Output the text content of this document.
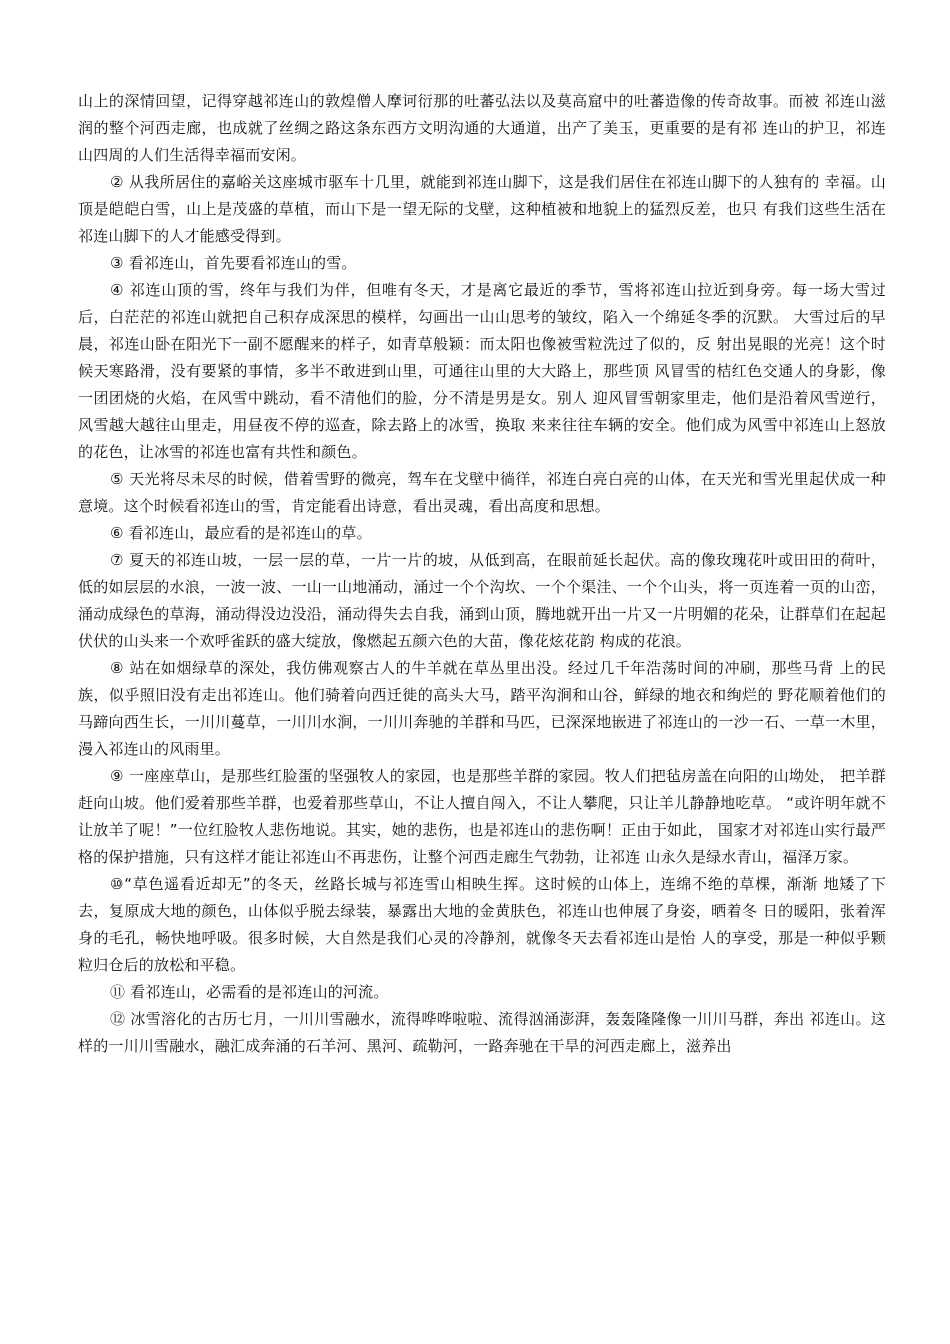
山上的深情回望，记得穿越祁连山的敦煌僧人摩诃衍那的吐蕃弘法以及莫高窟中的吐蕃造像的传奇故事。而被 祁连山滋润的整个河西走廊，也成就了丝绸之路这条东西方文明沟通的大通道，出产了美玉，更重要的是有祁 连山的护卫，祁连山四周的人们生活得幸福而安闲。

② 从我所居住的嘉峪关这座城市驱车十几里，就能到祁连山脚下，这是我们居住在祁连山脚下的人独有的 幸福。山顶是皑皑白雪，山上是茂盛的草植，而山下是一望无际的戈壁，这种植被和地貌上的猛烈反差，也只 有我们这些生活在祁连山脚下的人才能感受得到。

③ 看祁连山，首先要看祁连山的雪。

④ 祁连山顶的雪，终年与我们为伴，但唯有冬天，才是离它最近的季节，雪将祁连山拉近到身旁。每一场大雪过后，白茫茫的祁连山就把自己积存成深思的模样，勾画出一山山思考的皱纹，陷入一个绵延冬季的沉默。 大雪过后的早晨，祁连山卧在阳光下一副不愿醒来的样子，如青草般颖：而太阳也像被雪粒洗过了似的，反 射出晃眼的光亮！这个时候天寒路滑，没有要紧的事情，多半不敢进到山里，可通往山里的大大路上，那些顶 风冒雪的桔红色交通人的身影，像一团团烧的火焰，在风雪中跳动，看不清他们的脸，分不清是男是女。别人 迎风冒雪朝家里走，他们是沿着风雪逆行，风雪越大越往山里走，用昼夜不停的巡查，除去路上的冰雪，换取 来来往往车辆的安全。他们成为风雪中祁连山上怒放的花色，让冰雪的祁连也富有共性和颜色。

⑤ 天光将尽未尽的时候，借着雪野的微亮，驾车在戈壁中徜徉，祁连白亮白亮的山体，在天光和雪光里起伏成一种意境。这个时候看祁连山的雪，肯定能看出诗意，看出灵魂，看出高度和思想。

⑥ 看祁连山，最应看的是祁连山的草。

⑦ 夏天的祁连山坡，一层一层的草，一片一片的坡，从低到高，在眼前延长起伏。高的像玫瑰花叶或田田的荷叶，低的如层层的水浪，一波一波、一山一山地涌动，涌过一个个沟坎、一个个渠洼、一个个山头，将一页连着一页的山峦，涌动成绿色的草海，涌动得没边没沿，涌动得失去自我，涌到山顶，腾地就开出一片又一片明媚的花朵，让群草们在起起伏伏的山头来一个欢呼雀跃的盛大绽放，像燃起五颜六色的大苗，像花炫花韵 构成的花浪。

⑧ 站在如烟绿草的深处，我仿佛观察古人的牛羊就在草丛里出没。经过几千年浩荡时间的冲刷，那些马背 上的民族，似乎照旧没有走出祁连山。他们骑着向西迁徙的高头大马，踏平沟涧和山谷，鲜绿的地衣和绚烂的 野花顺着他们的马蹄向西生长，一川川蔓草，一川川水涧，一川川奔驰的羊群和马匹，已深深地嵌进了祁连山的一沙一石、一草一木里，漫入祁连山的风雨里。

⑨ 一座座草山，是那些红脸蛋的坚强牧人的家园，也是那些羊群的家园。牧人们把毡房盖在向阳的山坳处， 把羊群赶向山坡。他们爱着那些羊群，也爱着那些草山，不让人擅自闯入，不让人攀爬，只让羊儿静静地吃草。 “或许明年就不让放羊了呢！”一位红脸牧人悲伤地说。其实，她的悲伤，也是祁连山的悲伤啊！正由于如此， 国家才对祁连山实行最严格的保护措施，只有这样才能让祁连山不再悲伤，让整个河西走廊生气勃勃，让祁连 山永久是绿水青山，福泽万家。

⑩“草色遥看近却无”的冬天，丝路长城与祁连雪山相映生挥。这时候的山体上，连绵不绝的草棵，渐渐 地矮了下去，复原成大地的颜色，山体似乎脱去绿装，暴露出大地的金黄肤色，祁连山也伸展了身姿，晒着冬 日的暖阳，张着浑身的毛孔，畅快地呼吸。很多时候，大自然是我们心灵的冷静剂，就像冬天去看祁连山是怡 人的享受，那是一种似乎颗粒归仓后的放松和平稳。

⑪ 看祁连山，必需看的是祁连山的河流。

⑫ 冰雪溶化的古历七月，一川川雪融水，流得哗哗啦啦、流得汹涌澎湃，轰轰隆隆像一川川马群，奔出 祁连山。这样的一川川雪融水，融汇成奔涌的石羊河、黑河、疏勒河，一路奔驰在干旱的河西走廊上，滋养出
